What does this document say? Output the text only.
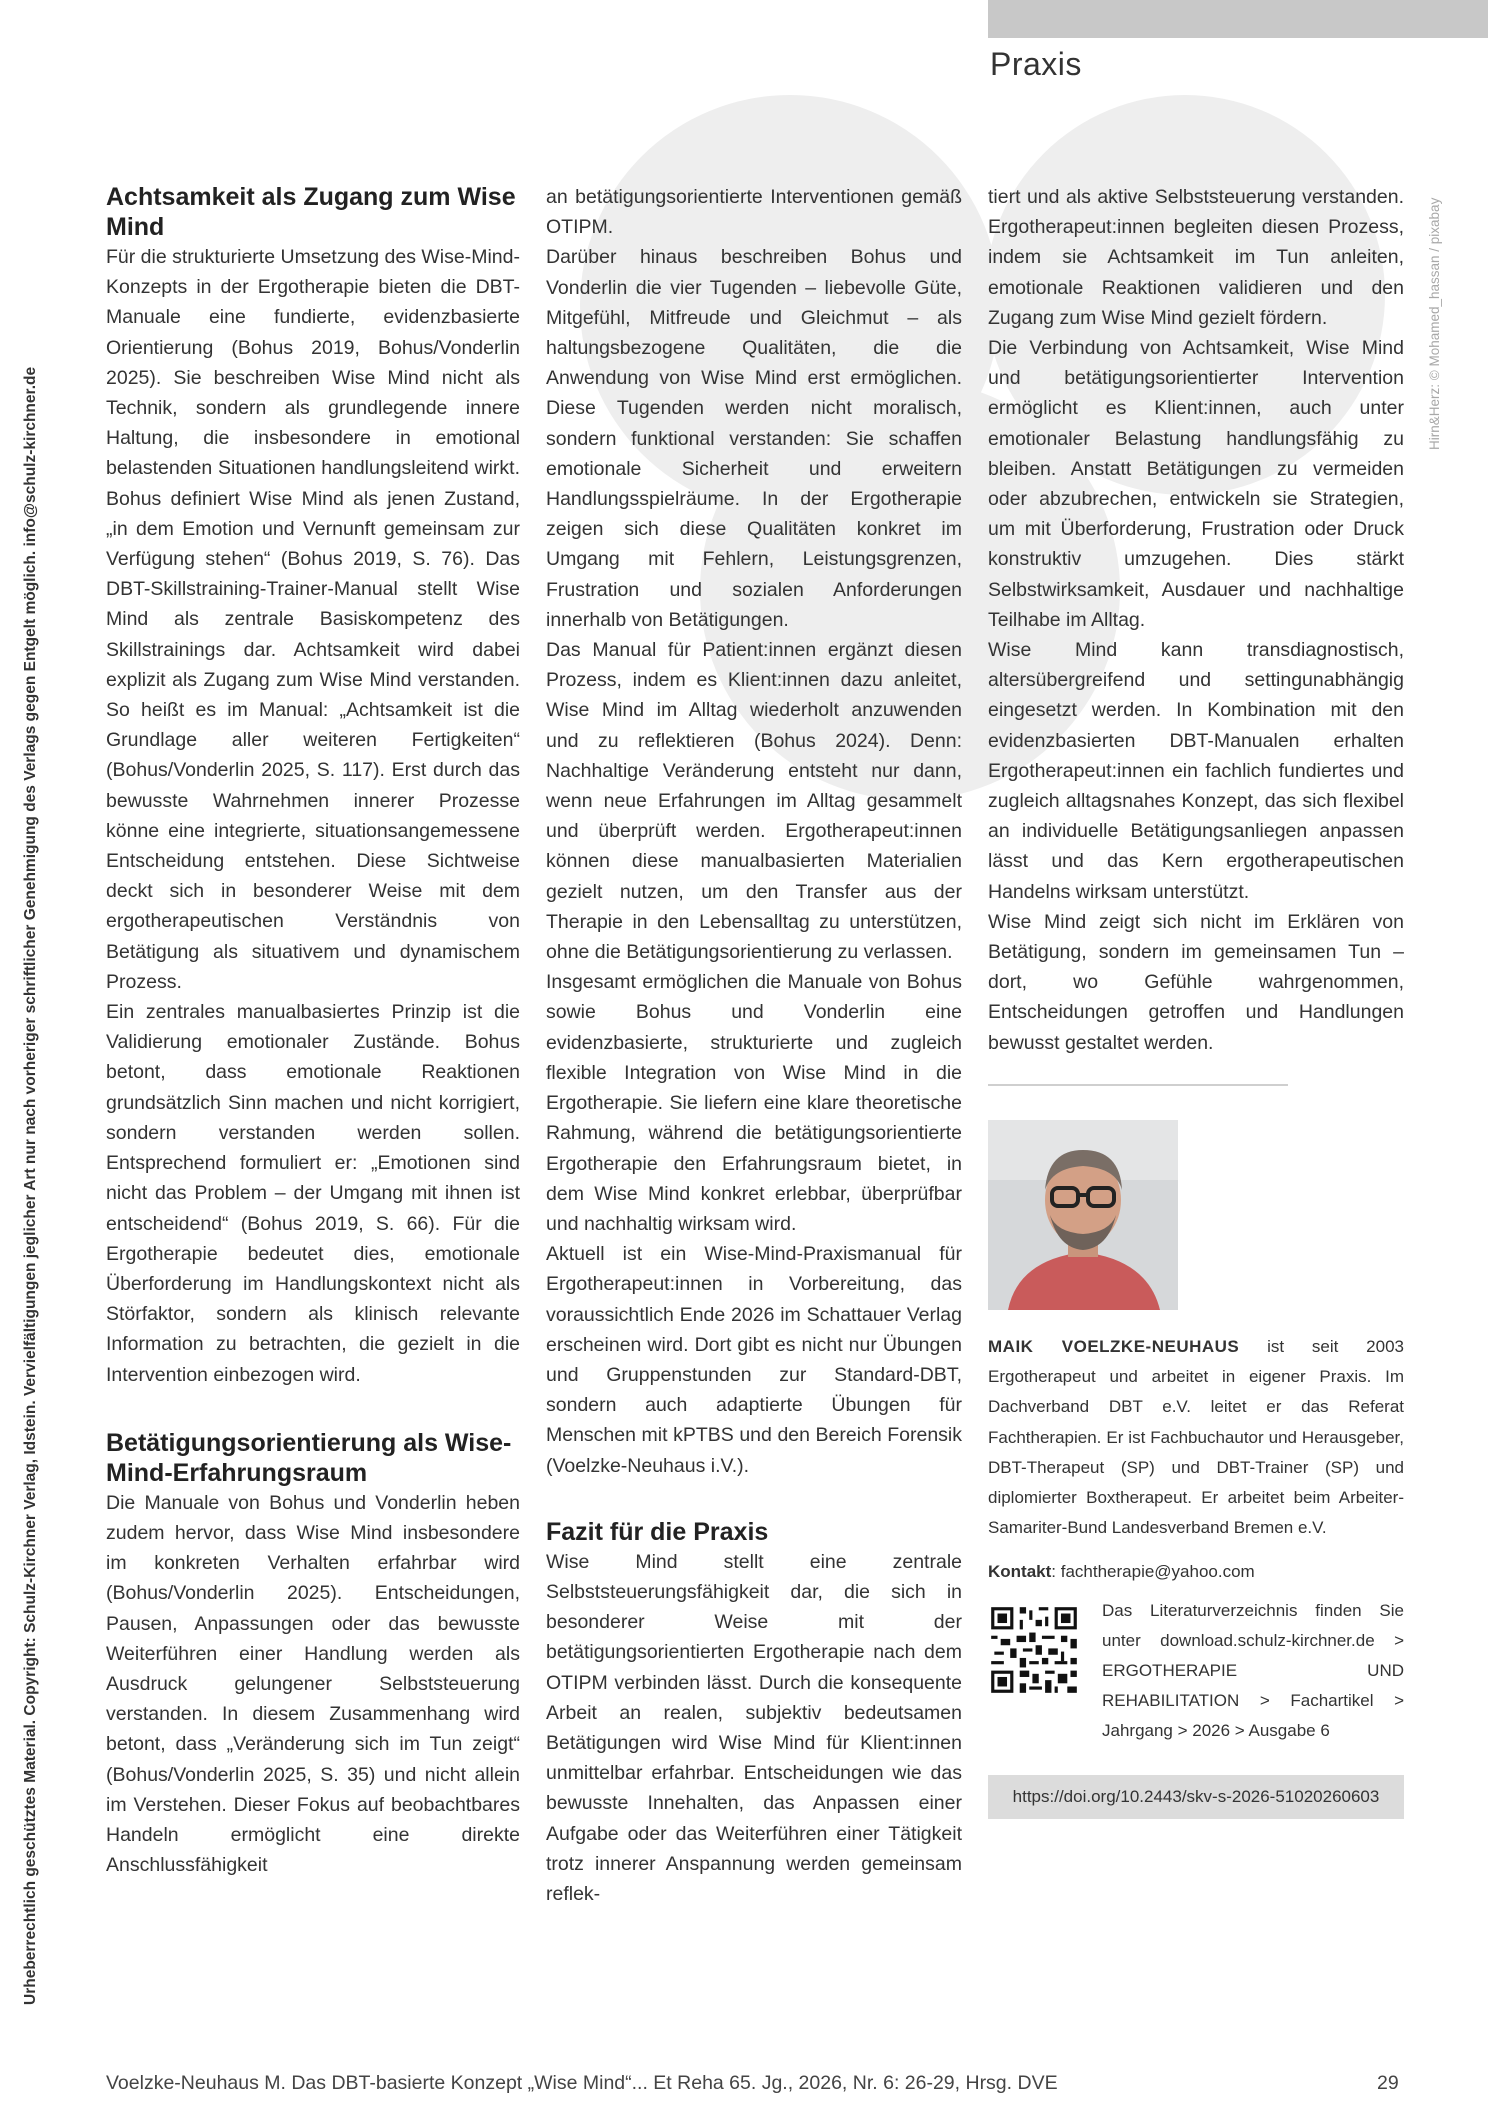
Praxis
Urheberrechtlich geschütztes Material. Copyright: Schulz-Kirchner Verlag, Idstein. Vervielfältigungen jeglicher Art nur nach vorheriger schriftlicher Genehmigung des Verlags gegen Entgelt möglich. info@schulz-kirchner.de
Hirn&Herz: © Mohamed_hassan / pixabay
Achtsamkeit als Zugang zum Wise Mind

Für die strukturierte Umsetzung des Wise-Mind-Konzepts in der Ergotherapie bieten die DBT-Manuale eine fundierte, evidenzbasierte Orientierung (Bohus 2019, Bohus/Vonderlin 2025). Sie beschreiben Wise Mind nicht als Technik, sondern als grundlegende innere Haltung, die insbesondere in emotional belastenden Situationen handlungsleitend wirkt. Bohus definiert Wise Mind als jenen Zustand, „in dem Emotion und Vernunft gemeinsam zur Verfügung stehen“ (Bohus 2019, S. 76). Das DBT-Skillstraining-Trainer-Manual stellt Wise Mind als zentrale Basiskompetenz des Skillstrainings dar. Achtsamkeit wird dabei explizit als Zugang zum Wise Mind verstanden. So heißt es im Manual: „Achtsamkeit ist die Grundlage aller weiteren Fertigkeiten“ (Bohus/Vonderlin 2025, S. 117). Erst durch das bewusste Wahrnehmen innerer Prozesse könne eine integrierte, situationsangemessene Entscheidung entstehen. Diese Sichtweise deckt sich in besonderer Weise mit dem ergotherapeutischen Verständnis von Betätigung als situativem und dynamischem Prozess.

Ein zentrales manualbasiertes Prinzip ist die Validierung emotionaler Zustände. Bohus betont, dass emotionale Reaktionen grundsätzlich Sinn machen und nicht korrigiert, sondern verstanden werden sollen. Entsprechend formuliert er: „Emotionen sind nicht das Problem – der Umgang mit ihnen ist entscheidend“ (Bohus 2019, S. 66). Für die Ergotherapie bedeutet dies, emotionale Überforderung im Handlungskontext nicht als Störfaktor, sondern als klinisch relevante Information zu betrachten, die gezielt in die Intervention einbezogen wird.

Betätigungsorientierung als Wise-Mind-Erfahrungsraum

Die Manuale von Bohus und Vonderlin heben zudem hervor, dass Wise Mind insbesondere im konkreten Verhalten erfahrbar wird (Bohus/Vonderlin 2025). Entscheidungen, Pausen, Anpassungen oder das bewusste Weiterführen einer Handlung werden als Ausdruck gelungener Selbststeuerung verstanden. In diesem Zusammenhang wird betont, dass „Veränderung sich im Tun zeigt“ (Bohus/Vonderlin 2025, S. 35) und nicht allein im Verstehen. Dieser Fokus auf beobachtbares Handeln ermöglicht eine direkte Anschlussfähigkeit

an betätigungsorientierte Interventionen gemäß OTIPM.

Darüber hinaus beschreiben Bohus und Vonderlin die vier Tugenden – liebevolle Güte, Mitgefühl, Mitfreude und Gleichmut – als haltungsbezogene Qualitäten, die die Anwendung von Wise Mind erst ermöglichen. Diese Tugenden werden nicht moralisch, sondern funktional verstanden: Sie schaffen emotionale Sicherheit und erweitern Handlungsspielräume. In der Ergotherapie zeigen sich diese Qualitäten konkret im Umgang mit Fehlern, Leistungsgrenzen, Frustration und sozialen Anforderungen innerhalb von Betätigungen.

Das Manual für Patient:innen ergänzt diesen Prozess, indem es Klient:innen dazu anleitet, Wise Mind im Alltag wiederholt anzuwenden und zu reflektieren (Bohus 2024). Denn: Nachhaltige Veränderung entsteht nur dann, wenn neue Erfahrungen im Alltag gesammelt und überprüft werden. Ergotherapeut:innen können diese manualbasierten Materialien gezielt nutzen, um den Transfer aus der Therapie in den Lebensalltag zu unterstützen, ohne die Betätigungsorientierung zu verlassen.

Insgesamt ermöglichen die Manuale von Bohus sowie Bohus und Vonderlin eine evidenzbasierte, strukturierte und zugleich flexible Integration von Wise Mind in die Ergotherapie. Sie liefern eine klare theoretische Rahmung, während die betätigungsorientierte Ergotherapie den Erfahrungsraum bietet, in dem Wise Mind konkret erlebbar, überprüfbar und nachhaltig wirksam wird.

Aktuell ist ein Wise-Mind-Praxismanual für Ergotherapeut:innen in Vorbereitung, das voraussichtlich Ende 2026 im Schattauer Verlag erscheinen wird. Dort gibt es nicht nur Übungen und Gruppenstunden zur Standard-DBT, sondern auch adaptierte Übungen für Menschen mit kPTBS und den Bereich Forensik (Voelzke-Neuhaus i.V.).

Fazit für die Praxis

Wise Mind stellt eine zentrale Selbststeuerungsfähigkeit dar, die sich in besonderer Weise mit der betätigungsorientierten Ergotherapie nach dem OTIPM verbinden lässt. Durch die konsequente Arbeit an realen, subjektiv bedeutsamen Betätigungen wird Wise Mind für Klient:innen unmittelbar erfahrbar. Entscheidungen wie das bewusste Innehalten, das Anpassen einer Aufgabe oder das Weiterführen einer Tätigkeit trotz innerer Anspannung werden gemeinsam reflek-

tiert und als aktive Selbststeuerung verstanden. Ergotherapeut:innen begleiten diesen Prozess, indem sie Achtsamkeit im Tun anleiten, emotionale Reaktionen validieren und den Zugang zum Wise Mind gezielt fördern.

Die Verbindung von Achtsamkeit, Wise Mind und betätigungsorientierter Intervention ermöglicht es Klient:innen, auch unter emotionaler Belastung handlungsfähig zu bleiben. Anstatt Betätigungen zu vermeiden oder abzubrechen, entwickeln sie Strategien, um mit Überforderung, Frustration oder Druck konstruktiv umzugehen. Dies stärkt Selbstwirksamkeit, Ausdauer und nachhaltige Teilhabe im Alltag.

Wise Mind kann transdiagnostisch, altersübergreifend und settingunabhängig eingesetzt werden. In Kombination mit den evidenzbasierten DBT-Manualen erhalten Ergotherapeut:innen ein fachlich fundiertes und zugleich alltagsnahes Konzept, das sich flexibel an individuelle Betätigungsanliegen anpassen lässt und das Kern ergotherapeutischen Handelns wirksam unterstützt.

Wise Mind zeigt sich nicht im Erklären von Betätigung, sondern im gemeinsamen Tun – dort, wo Gefühle wahrgenommen, Entscheidungen getroffen und Handlungen bewusst gestaltet werden.

MAIK VOELZKE-NEUHAUS ist seit 2003 Ergotherapeut und arbeitet in eigener Praxis. Im Dachverband DBT e.V. leitet er das Referat Fachtherapien. Er ist Fachbuchautor und Herausgeber, DBT-Therapeut (SP) und DBT-Trainer (SP) und diplomierter Boxtherapeut. Er arbeitet beim Arbeiter-Samariter-Bund Landesverband Bremen e.V.
Kontakt: fachtherapie@yahoo.com
Das Literaturverzeichnis finden Sie unter download.schulz-kirchner.de > ERGOTHERAPIE UND REHABILITATION > Fachartikel > Jahrgang > 2026 > Ausgabe 6
https://doi.org/10.2443/skv-s-2026-51020260603
Voelzke-Neuhaus M. Das DBT-basierte Konzept „Wise Mind“... Et Reha 65. Jg., 2026, Nr. 6: 26-29, Hrsg. DVE	29
